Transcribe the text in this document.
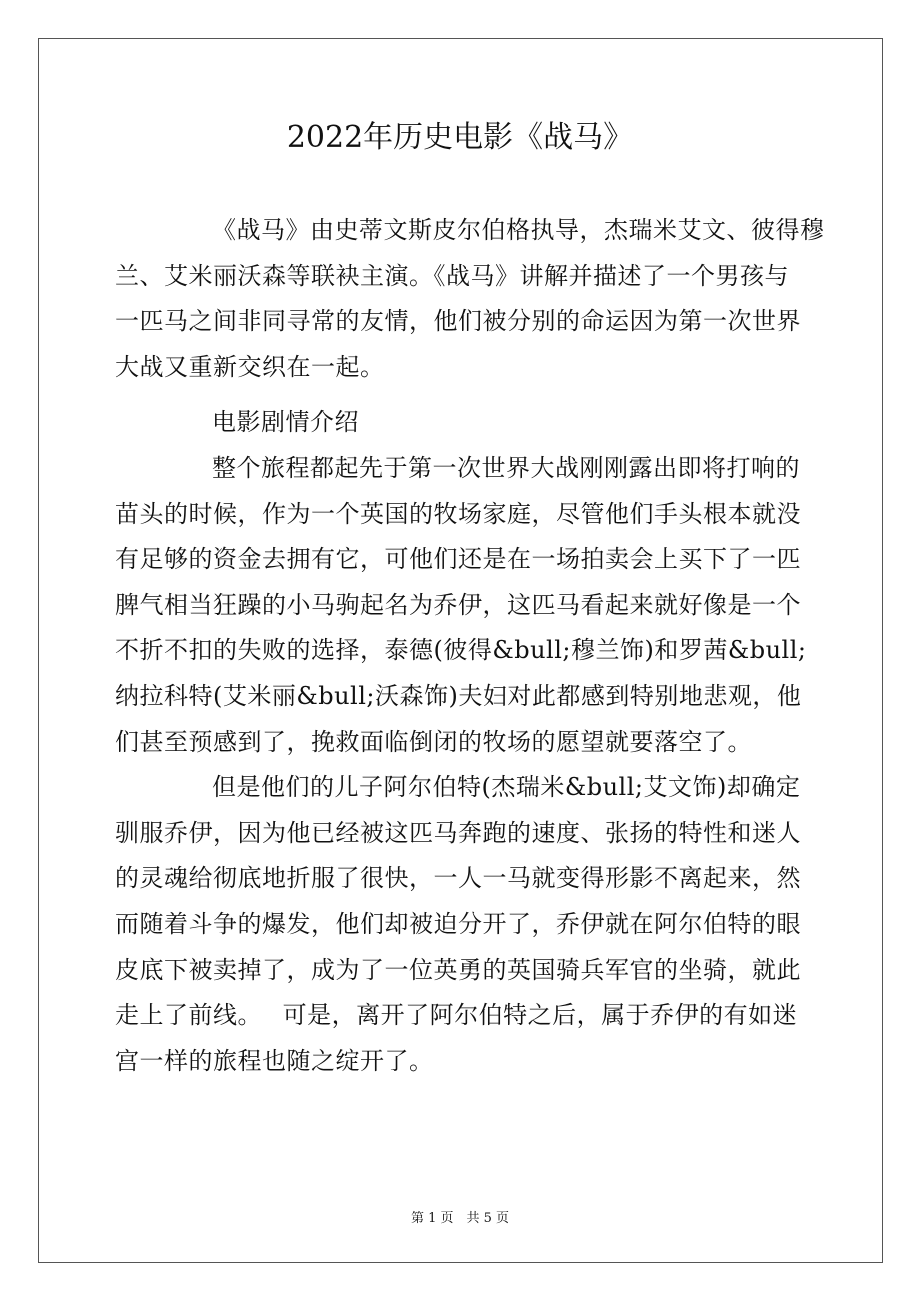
2022年历史电影《战马》
《战马》由史蒂文斯皮尔伯格执导，杰瑞米艾文、彼得穆
兰、艾米丽沃森等联袂主演。《战马》讲解并描述了一个男孩与
一匹马之间非同寻常的友情，他们被分别的命运因为第一次世界
大战又重新交织在一起。
电影剧情介绍
整个旅程都起先于第一次世界大战刚刚露出即将打响的
苗头的时候，作为一个英国的牧场家庭，尽管他们手头根本就没
有足够的资金去拥有它，可他们还是在一场拍卖会上买下了一匹
脾气相当狂躁的小马驹起名为乔伊，这匹马看起来就好像是一个
不折不扣的失败的选择，泰德(彼得&bull;穆兰饰)和罗茜&bull;
纳拉科特(艾米丽&bull;沃森饰)夫妇对此都感到特别地悲观，他
们甚至预感到了，挽救面临倒闭的牧场的愿望就要落空了。
但是他们的儿子阿尔伯特(杰瑞米&bull;艾文饰)却确定
驯服乔伊，因为他已经被这匹马奔跑的速度、张扬的特性和迷人
的灵魂给彻底地折服了很快，一人一马就变得形影不离起来，然
而随着斗争的爆发，他们却被迫分开了，乔伊就在阿尔伯特的眼
皮底下被卖掉了，成为了一位英勇的英国骑兵军官的坐骑，就此
走上了前线。　 可是，离开了阿尔伯特之后，属于乔伊的有如迷
宫一样的旅程也随之绽开了。
第 1 页　共 5 页
